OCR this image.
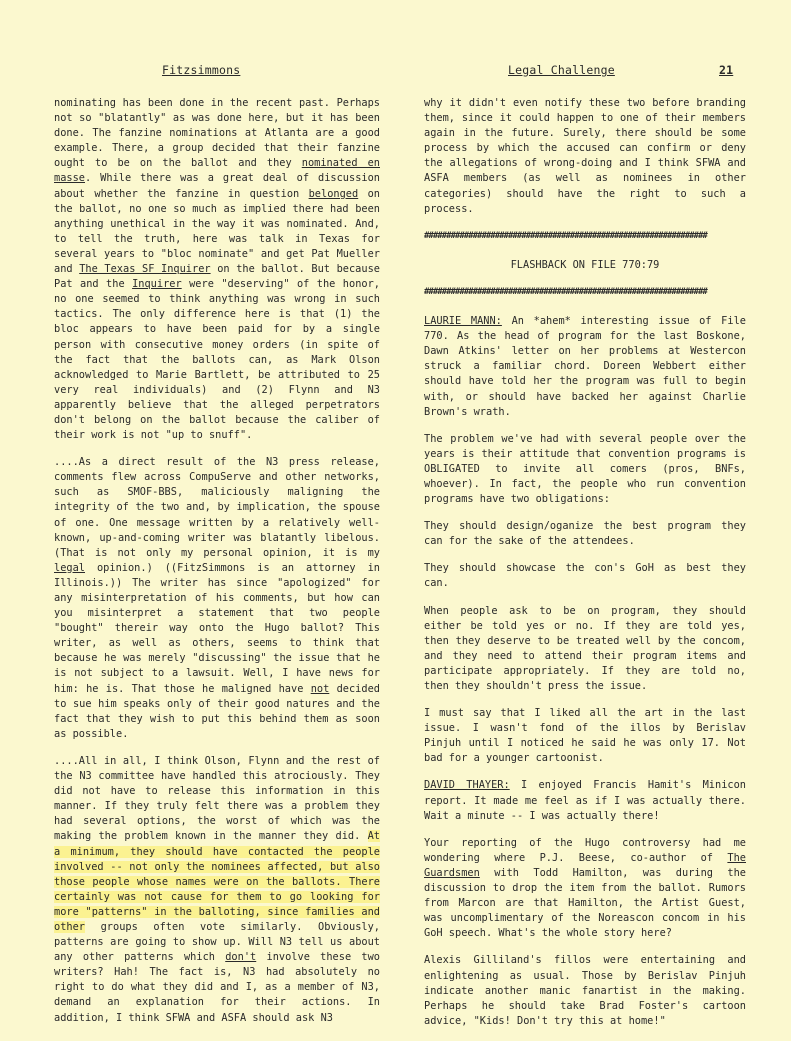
Fitzsimmons	Legal Challenge	21

nominating has been done in the recent past. Perhaps not so "blatantly" as was done here, but it has been done. The fanzine nominations at Atlanta are a good example. There, a group decided that their fanzine ought to be on the ballot and they nominated en masse. While there was a great deal of discussion about whether the fanzine in question belonged on the ballot, no one so much as implied there had been anything unethical in the way it was nominated. And, to tell the truth, here was talk in Texas for several years to "bloc nominate" and get Pat Mueller and The Texas SF Inquirer on the ballot. But because Pat and the Inquirer were "deserving" of the honor, no one seemed to think anything was wrong in such tactics. The only difference here is that (1) the bloc appears to have been paid for by a single person with consecutive money orders (in spite of the fact that the ballots can, as Mark Olson acknowledged to Marie Bartlett, be attributed to 25 very real individuals) and (2) Flynn and N3 apparently believe that the alleged perpetrators don't belong on the ballot because the caliber of their work is not "up to snuff".

....As a direct result of the N3 press release, comments flew across CompuServe and other networks, such as SMOF-BBS, maliciously maligning the integrity of the two and, by implication, the spouse of one. One message written by a relatively well-known, up-and-coming writer was blatantly libelous. (That is not only my personal opinion, it is my legal opinion.) ((FitzSimmons is an attorney in Illinois.)) The writer has since "apologized" for any misinterpretation of his comments, but how can you misinterpret a statement that two people "bought" thereir way onto the Hugo ballot? This writer, as well as others, seems to think that because he was merely "discussing" the issue that he is not subject to a lawsuit. Well, I have news for him: he is. That those he maligned have not decided to sue him speaks only of their good natures and the fact that they wish to put this behind them as soon as possible.

....All in all, I think Olson, Flynn and the rest of the N3 committee have handled this atrociously. They did not have to release this information in this manner. If they truly felt there was a problem they had several options, the worst of which was the making the problem known in the manner they did. At a minimum, they should have contacted the people involved -- not only the nominees affected, but also those people whose names were on the ballots. There certainly was not cause for them to go looking for more "patterns" in the balloting, since families and other groups often vote similarly. Obviously, patterns are going to show up. Will N3 tell us about any other patterns which don't involve these two writers? Hah! The fact is, N3 had absolutely no right to do what they did and I, as a member of N3, demand an explanation for their actions. In addition, I think SFWA and ASFA should ask N3

why it didn't even notify these two before branding them, since it could happen to one of their members again in the future. Surely, there should be some process by which the accused can confirm or deny the allegations of wrong-doing and I think SFWA and ASFA members (as well as nominees in other categories) should have the right to such a process.

################################################################
FLASHBACK ON FILE 770:79
################################################################

LAURIE MANN: An *ahem* interesting issue of File 770. As the head of program for the last Boskone, Dawn Atkins' letter on her problems at Westercon struck a familiar chord. Doreen Webbert either should have told her the program was full to begin with, or should have backed her against Charlie Brown's wrath.

The problem we've had with several people over the years is their attitude that convention programs is OBLIGATED to invite all comers (pros, BNFs, whoever). In fact, the people who run convention programs have two obligations:

They should design/oganize the best program they can for the sake of the attendees.

They should showcase the con's GoH as best they can.

When people ask to be on program, they should either be told yes or no. If they are told yes, then they deserve to be treated well by the concom, and they need to attend their program items and participate appropriately. If they are told no, then they shouldn't press the issue.

I must say that I liked all the art in the last issue. I wasn't fond of the illos by Berislav Pinjuh until I noticed he said he was only 17. Not bad for a younger cartoonist.

DAVID THAYER: I enjoyed Francis Hamit's Minicon report. It made me feel as if I was actually there. Wait a minute -- I was actually there!

Your reporting of the Hugo controversy had me wondering where P.J. Beese, co-author of The Guardsmen with Todd Hamilton, was during the discussion to drop the item from the ballot. Rumors from Marcon are that Hamilton, the Artist Guest, was uncomplimentary of the Noreascon concom in his GoH speech. What's the whole story here?

Alexis Gilliland's fillos were entertaining and enlightening as usual. Those by Berislav Pinjuh indicate another manic fanartist in the making. Perhaps he should take Brad Foster's cartoon advice, "Kids! Don't try this at home!"
